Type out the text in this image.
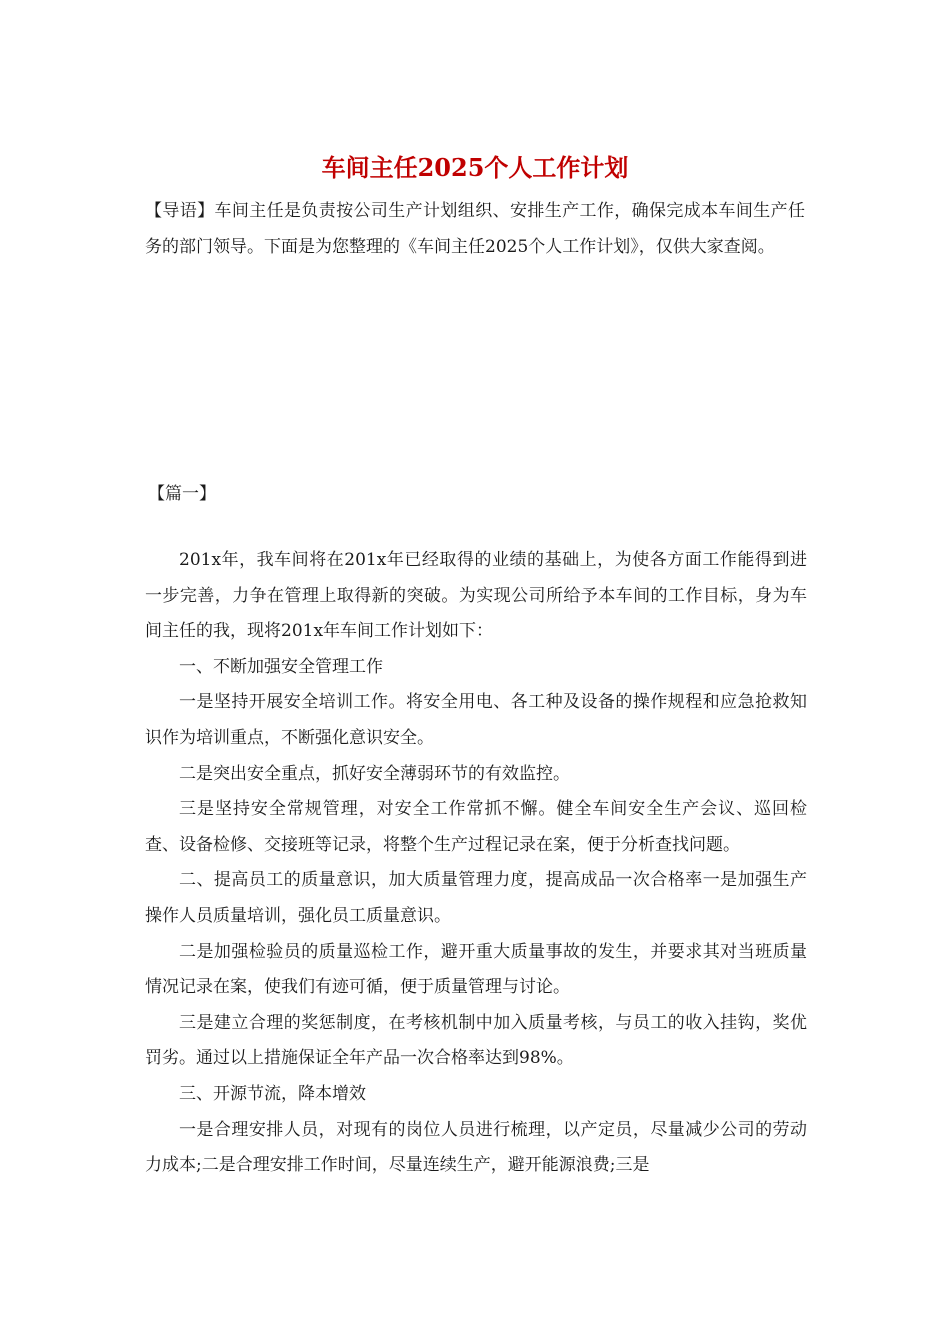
车间主任2025个人工作计划

【导语】车间主任是负责按公司生产计划组织、安排生产工作，确保完成本车间生产任务的部门领导。下面是为您整理的《车间主任2025个人工作计划》，仅供大家查阅。

【篇一】

201x年，我车间将在201x年已经取得的业绩的基础上，为使各方面工作能得到进一步完善，力争在管理上取得新的突破。为实现公司所给予本车间的工作目标，身为车间主任的我，现将201x年车间工作计划如下：

一、不断加强安全管理工作

一是坚持开展安全培训工作。将安全用电、各工种及设备的操作规程和应急抢救知识作为培训重点，不断强化意识安全。

二是突出安全重点，抓好安全薄弱环节的有效监控。

三是坚持安全常规管理，对安全工作常抓不懈。健全车间安全生产会议、巡回检查、设备检修、交接班等记录，将整个生产过程记录在案，便于分析查找问题。

二、提高员工的质量意识，加大质量管理力度，提高成品一次合格率一是加强生产操作人员质量培训，强化员工质量意识。

二是加强检验员的质量巡检工作，避开重大质量事故的发生，并要求其对当班质量情况记录在案，使我们有迹可循，便于质量管理与讨论。

三是建立合理的奖惩制度，在考核机制中加入质量考核，与员工的收入挂钩，奖优罚劣。通过以上措施保证全年产品一次合格率达到98%。

三、开源节流，降本增效

一是合理安排人员，对现有的岗位人员进行梳理，以产定员，尽量减少公司的劳动力成本;二是合理安排工作时间，尽量连续生产，避开能源浪费;三是
